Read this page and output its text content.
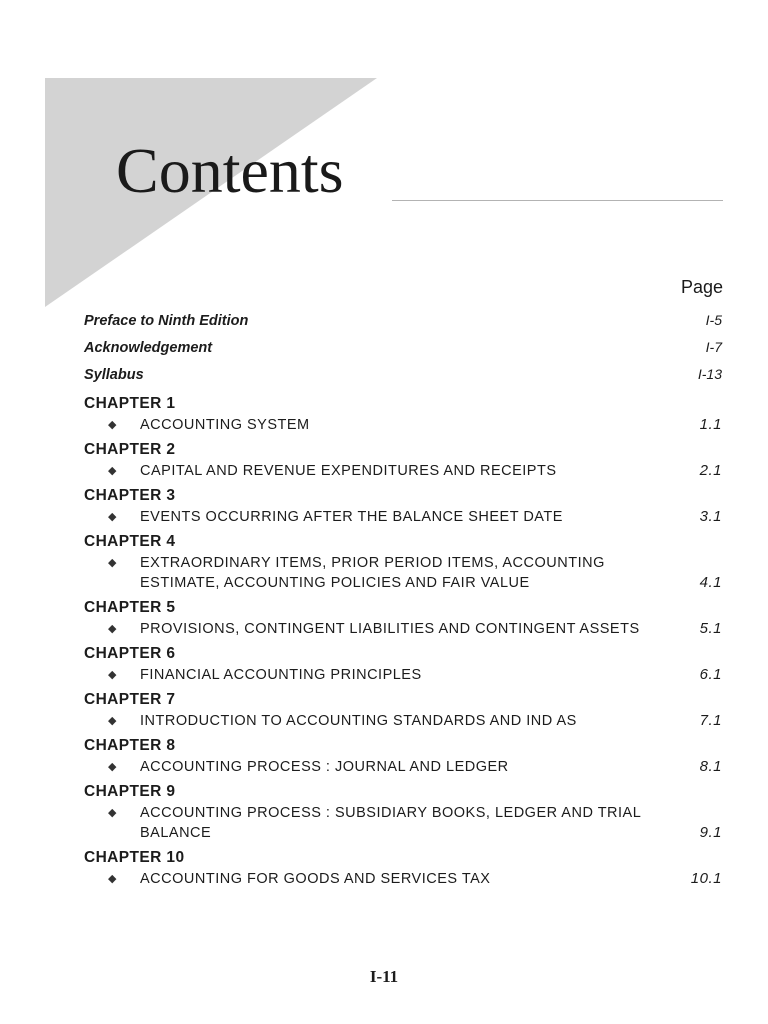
Contents
Page
Preface to Ninth Edition	I-5
Acknowledgement	I-7
Syllabus	I-13
CHAPTER 1
◆ ACCOUNTING SYSTEM	1.1
CHAPTER 2
◆ CAPITAL AND REVENUE EXPENDITURES AND RECEIPTS	2.1
CHAPTER 3
◆ EVENTS OCCURRING AFTER THE BALANCE SHEET DATE	3.1
CHAPTER 4
◆ EXTRAORDINARY ITEMS, PRIOR PERIOD ITEMS, ACCOUNTING ESTIMATE, ACCOUNTING POLICIES AND FAIR VALUE	4.1
CHAPTER 5
◆ PROVISIONS, CONTINGENT LIABILITIES AND CONTINGENT ASSETS	5.1
CHAPTER 6
◆ FINANCIAL ACCOUNTING PRINCIPLES	6.1
CHAPTER 7
◆ INTRODUCTION TO ACCOUNTING STANDARDS AND IND AS	7.1
CHAPTER 8
◆ ACCOUNTING PROCESS : JOURNAL AND LEDGER	8.1
CHAPTER 9
◆ ACCOUNTING PROCESS : SUBSIDIARY BOOKS, LEDGER AND TRIAL BALANCE	9.1
CHAPTER 10
◆ ACCOUNTING FOR GOODS AND SERVICES TAX	10.1
I-11
